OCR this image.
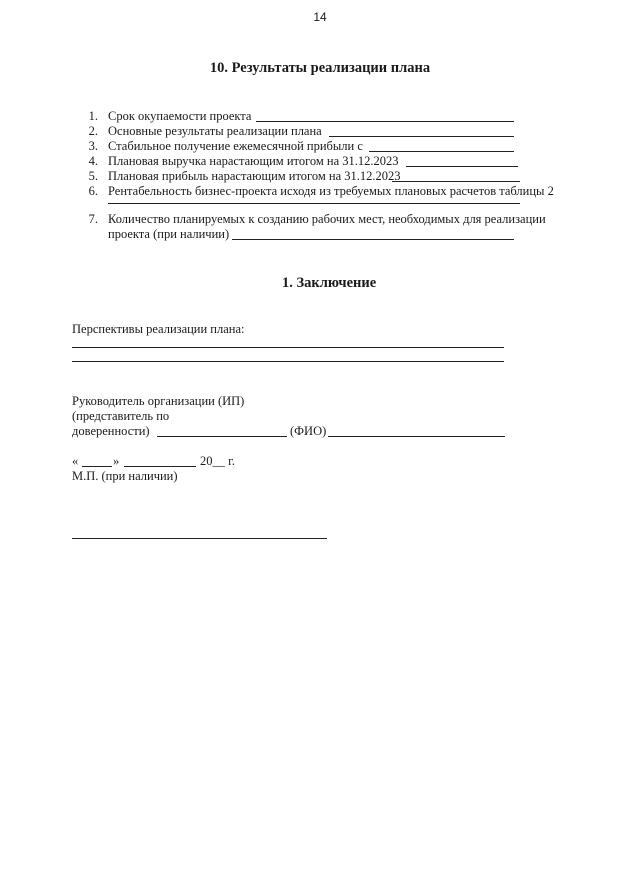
14
10. Результаты реализации плана
1. Срок окупаемости проекта
2. Основные результаты реализации плана
3. Стабильное получение ежемесячной прибыли с
4. Плановая выручка нарастающим итогом на 31.12.2023
5. Плановая прибыль нарастающим итогом на 31.12.2023
6. Рентабельность бизнес-проекта исходя из требуемых плановых расчетов таблицы 2
7. Количество планируемых к созданию рабочих мест, необходимых для реализации
проекта (при наличии)
1. Заключение
Перспективы реализации плана:
Руководитель организации (ИП)
(представитель по
доверенности)	(ФИО)
«	»	20__ г.
М.П. (при наличии)
